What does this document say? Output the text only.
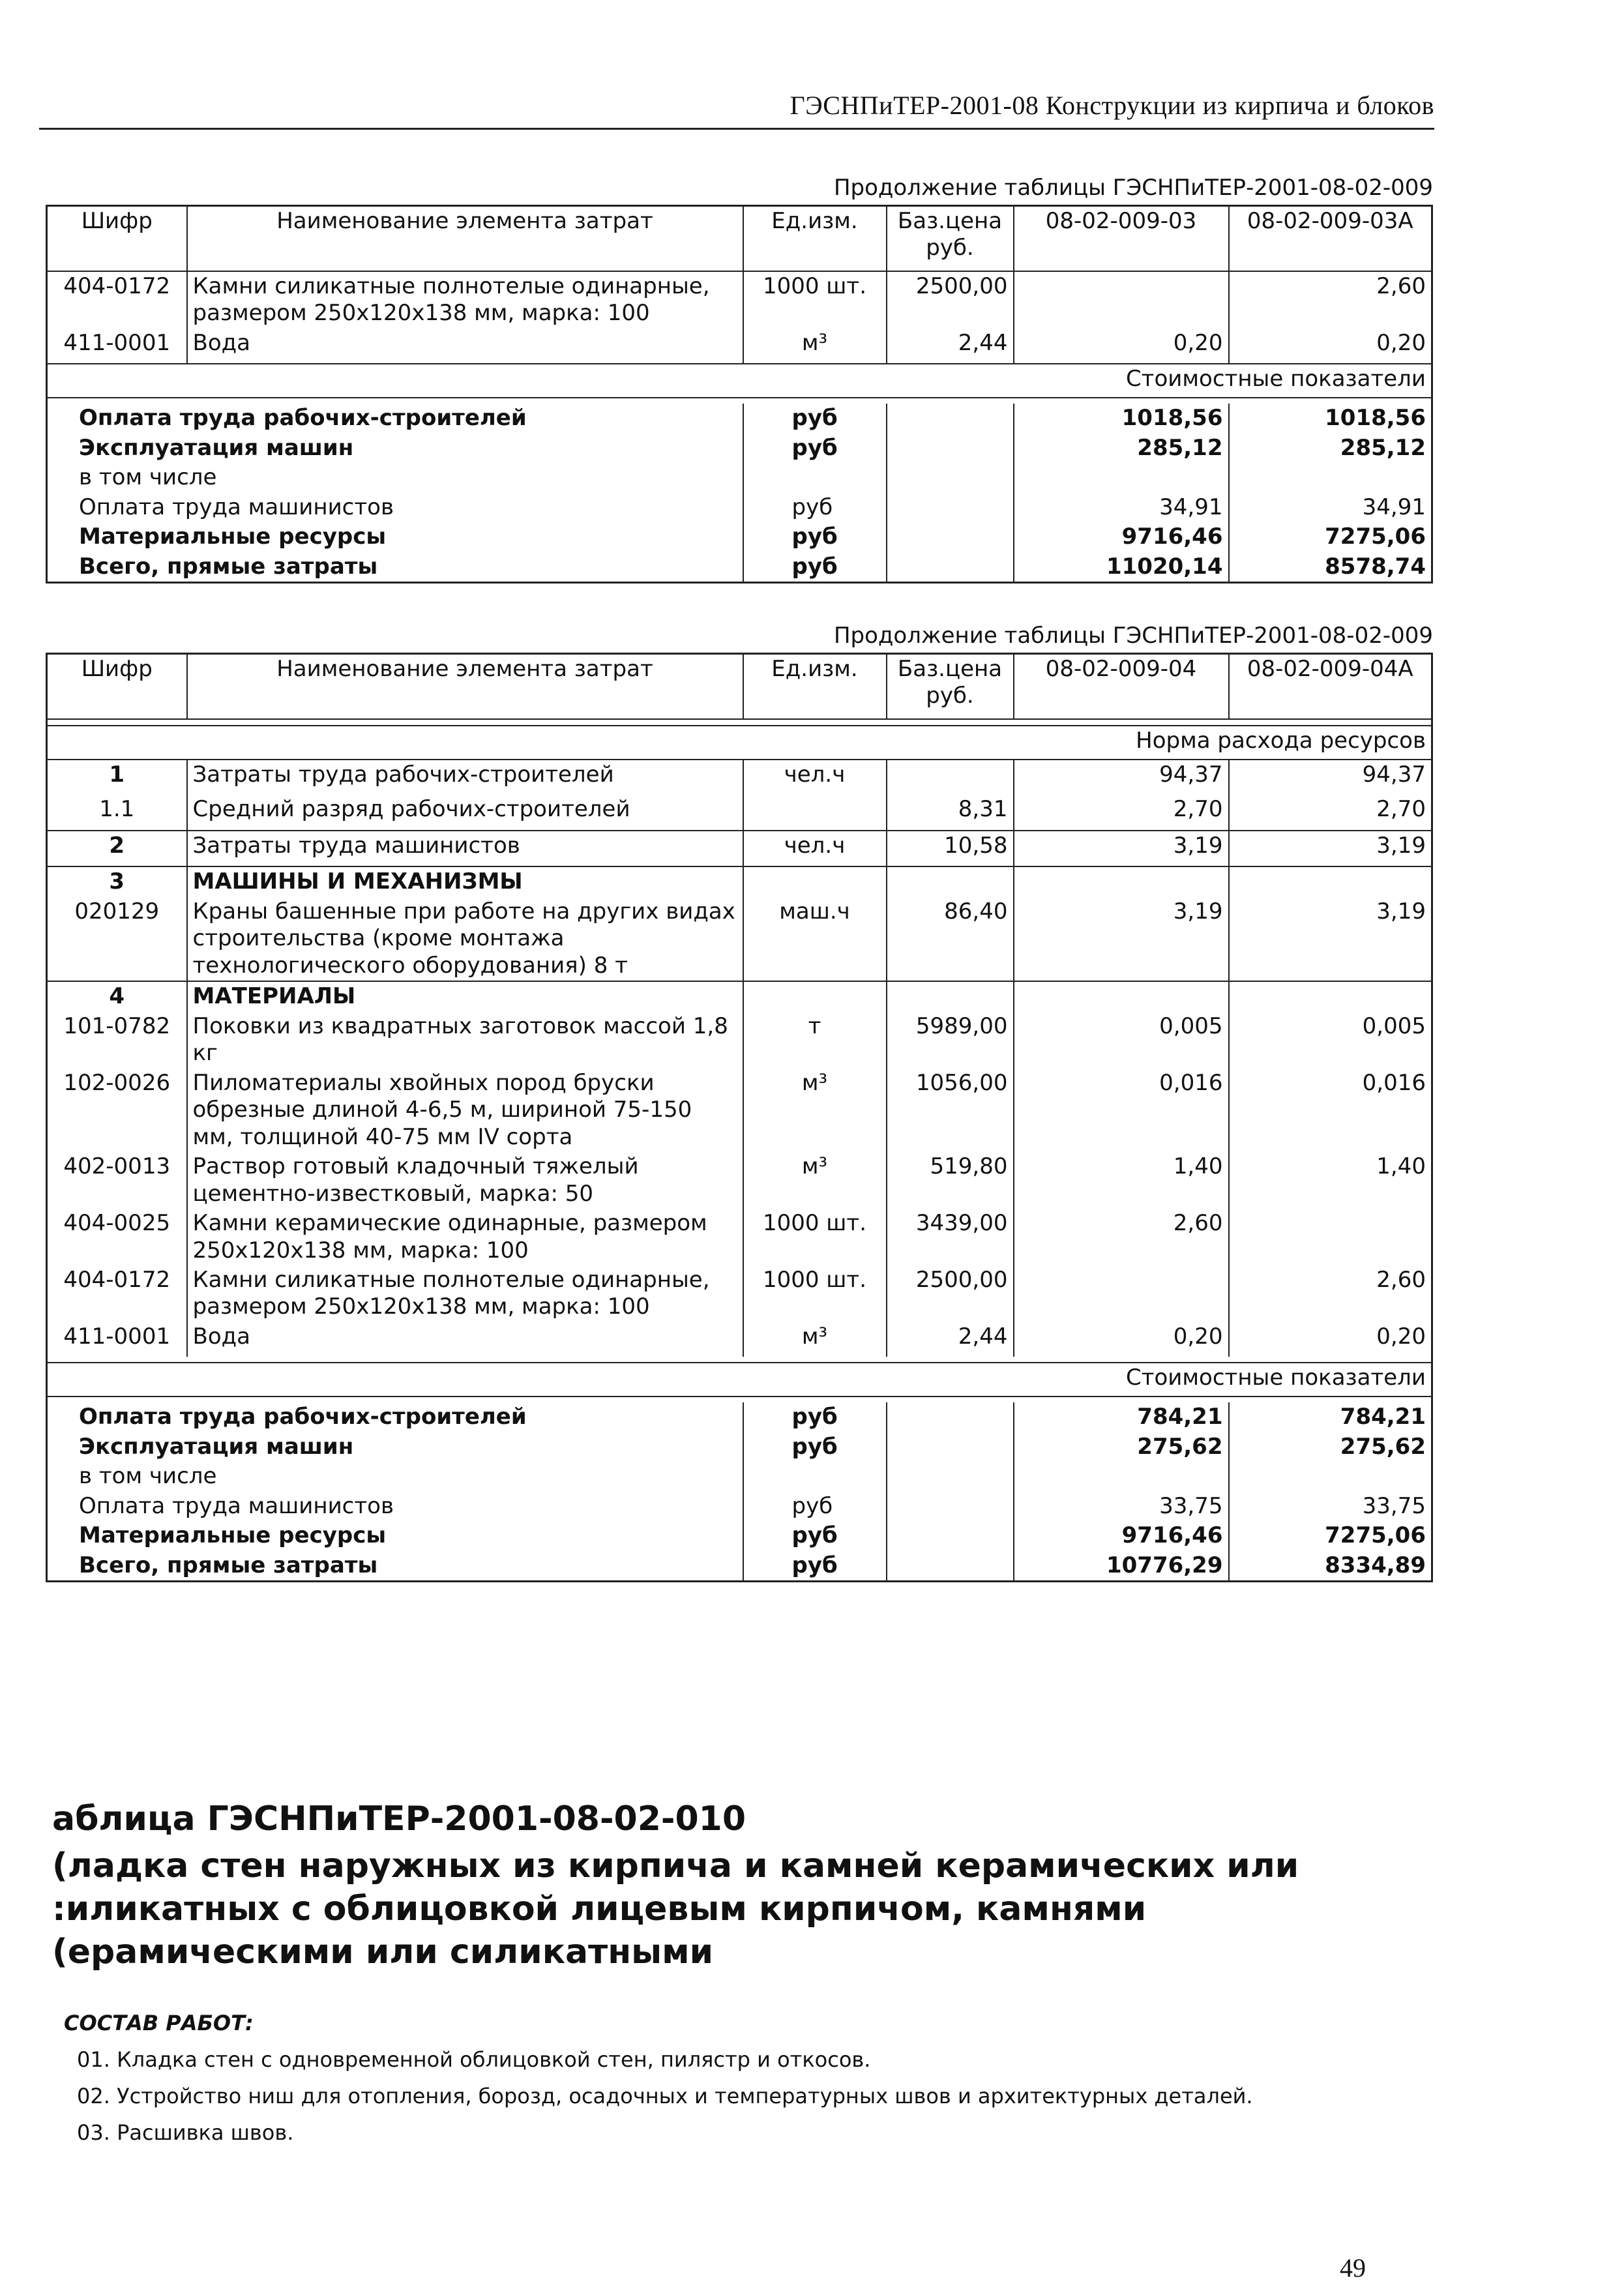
ГЭСНПиТЕР-2001-08 Конструкции из кирпича и блоков
Продолжение таблицы ГЭСНПиТЕР-2001-08-02-009
Шифр	Наименование элемента затрат	Ед.изм.	Баз.цена руб.	08-02-009-03	08-02-009-03А
404-0172	Камни силикатные полнотелые одинарные, размером 250х120х138 мм, марка: 100	1000 шт.	2500,00		2,60
411-0001	Вода	м³	2,44	0,20	0,20
Стоимостные показатели					

Оплата труда рабочих-строителей		руб		1018,56	1018,56
Эксплуатация машин		руб		285,12	285,12
в том числе					
Оплата труда машинистов		руб		34,91	34,91
Материальные ресурсы		руб		9716,46	7275,06
Всего, прямые затраты		руб		11020,14	8578,74
Продолжение таблицы ГЭСНПиТЕР-2001-08-02-009
Шифр	Наименование элемента затрат	Ед.изм.	Баз.цена руб.	08-02-009-04	08-02-009-04А

Норма расхода ресурсов					
1	Затраты труда рабочих-строителей	чел.ч		94,37	94,37
1.1	Средний разряд рабочих-строителей		8,31	2,70	2,70
2	Затраты труда машинистов	чел.ч	10,58	3,19	3,19
3	МАШИНЫ И МЕХАНИЗМЫ				
020129	Краны башенные при работе на других видах строительства (кроме монтажа технологического оборудования) 8 т	маш.ч	86,40	3,19	3,19
4	МАТЕРИАЛЫ				
101-0782	Поковки из квадратных заготовок массой 1,8 кг	т	5989,00	0,005	0,005
102-0026	Пиломатериалы хвойных пород бруски обрезные длиной 4-6,5 м, шириной 75-150 мм, толщиной 40-75 мм IV сорта	м³	1056,00	0,016	0,016
402-0013	Раствор готовый кладочный тяжелый цементно-известковый, марка: 50	м³	519,80	1,40	1,40
404-0025	Камни керамические одинарные, размером 250х120х138 мм, марка: 100	1000 шт.	3439,00	2,60	
404-0172	Камни силикатные полнотелые одинарные, размером 250х120х138 мм, марка: 100	1000 шт.	2500,00		2,60
411-0001	Вода	м³	2,44	0,20	0,20

Стоимостные показатели					

Оплата труда рабочих-строителей		руб		784,21	784,21
Эксплуатация машин		руб		275,62	275,62
в том числе					
Оплата труда машинистов		руб		33,75	33,75
Материальные ресурсы		руб		9716,46	7275,06
Всего, прямые затраты		руб		10776,29	8334,89
аблица ГЭСНПиТЕР-2001-08-02-010
(ладка стен наружных из кирпича и камней керамических или
:иликатных с облицовкой лицевым кирпичом, камнями
(ерамическими или силикатными
СОСТАВ РАБОТ:
01. Кладка стен с одновременной облицовкой стен, пилястр и откосов.
02. Устройство ниш для отопления, борозд, осадочных и температурных швов и архитектурных деталей.
03. Расшивка швов.
49
